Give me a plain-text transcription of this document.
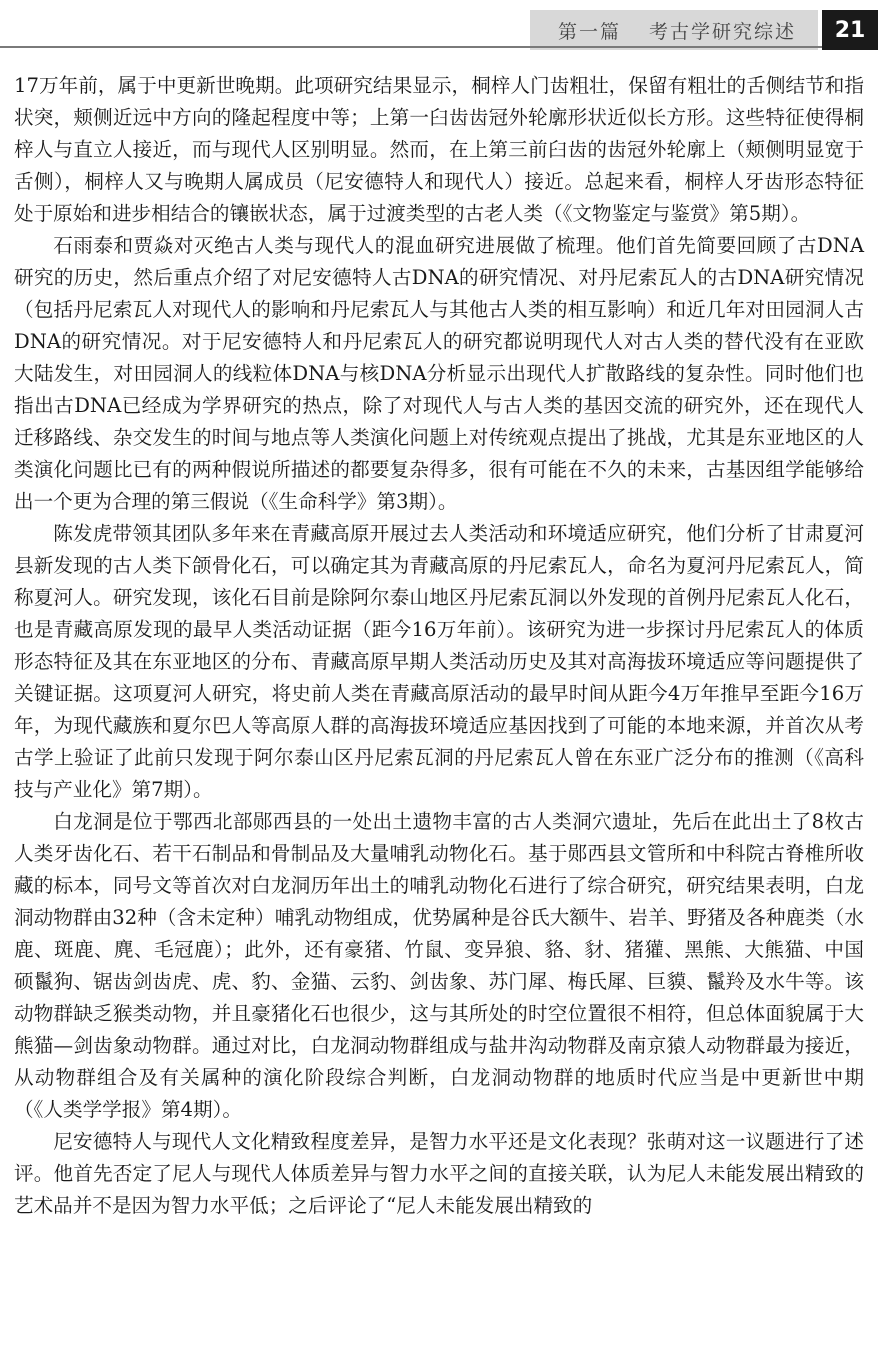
第一篇 考古学研究综述	21

17万年前，属于中更新世晚期。此项研究结果显示，桐梓人门齿粗壮，保留有粗壮的舌侧结节和指状突，颊侧近远中方向的隆起程度中等；上第一臼齿齿冠外轮廓形状近似长方形。这些特征使得桐梓人与直立人接近，而与现代人区别明显。然而，在上第三前臼齿的齿冠外轮廓上（颊侧明显宽于舌侧），桐梓人又与晚期人属成员（尼安德特人和现代人）接近。总起来看，桐梓人牙齿形态特征处于原始和进步相结合的镶嵌状态，属于过渡类型的古老人类（《文物鉴定与鉴赏》第5期）。

石雨泰和贾焱对灭绝古人类与现代人的混血研究进展做了梳理。他们首先简要回顾了古DNA研究的历史，然后重点介绍了对尼安德特人古DNA的研究情况、对丹尼索瓦人的古DNA研究情况（包括丹尼索瓦人对现代人的影响和丹尼索瓦人与其他古人类的相互影响）和近几年对田园洞人古DNA的研究情况。对于尼安德特人和丹尼索瓦人的研究都说明现代人对古人类的替代没有在亚欧大陆发生，对田园洞人的线粒体DNA与核DNA分析显示出现代人扩散路线的复杂性。同时他们也指出古DNA已经成为学界研究的热点，除了对现代人与古人类的基因交流的研究外，还在现代人迁移路线、杂交发生的时间与地点等人类演化问题上对传统观点提出了挑战，尤其是东亚地区的人类演化问题比已有的两种假说所描述的都要复杂得多，很有可能在不久的未来，古基因组学能够给出一个更为合理的第三假说（《生命科学》第3期）。

陈发虎带领其团队多年来在青藏高原开展过去人类活动和环境适应研究，他们分析了甘肃夏河县新发现的古人类下颌骨化石，可以确定其为青藏高原的丹尼索瓦人，命名为夏河丹尼索瓦人，简称夏河人。研究发现，该化石目前是除阿尔泰山地区丹尼索瓦洞以外发现的首例丹尼索瓦人化石，也是青藏高原发现的最早人类活动证据（距今16万年前）。该研究为进一步探讨丹尼索瓦人的体质形态特征及其在东亚地区的分布、青藏高原早期人类活动历史及其对高海拔环境适应等问题提供了关键证据。这项夏河人研究，将史前人类在青藏高原活动的最早时间从距今4万年推早至距今16万年，为现代藏族和夏尔巴人等高原人群的高海拔环境适应基因找到了可能的本地来源，并首次从考古学上验证了此前只发现于阿尔泰山区丹尼索瓦洞的丹尼索瓦人曾在东亚广泛分布的推测（《高科技与产业化》第7期）。

白龙洞是位于鄂西北部郧西县的一处出土遗物丰富的古人类洞穴遗址，先后在此出土了8枚古人类牙齿化石、若干石制品和骨制品及大量哺乳动物化石。基于郧西县文管所和中科院古脊椎所收藏的标本，同号文等首次对白龙洞历年出土的哺乳动物化石进行了综合研究，研究结果表明，白龙洞动物群由32种（含未定种）哺乳动物组成，优势属种是谷氏大额牛、岩羊、野猪及各种鹿类（水鹿、斑鹿、麂、毛冠鹿）；此外，还有豪猪、竹鼠、变异狼、貉、豺、猪獾、黑熊、大熊猫、中国硕鬣狗、锯齿剑齿虎、虎、豹、金猫、云豹、剑齿象、苏门犀、梅氏犀、巨貘、鬣羚及水牛等。该动物群缺乏猴类动物，并且豪猪化石也很少，这与其所处的时空位置很不相符，但总体面貌属于大熊猫—剑齿象动物群。通过对比，白龙洞动物群组成与盐井沟动物群及南京猿人动物群最为接近，从动物群组合及有关属种的演化阶段综合判断，白龙洞动物群的地质时代应当是中更新世中期（《人类学学报》第4期）。

尼安德特人与现代人文化精致程度差异，是智力水平还是文化表现？张萌对这一议题进行了述评。他首先否定了尼人与现代人体质差异与智力水平之间的直接关联，认为尼人未能发展出精致的艺术品并不是因为智力水平低；之后评论了“尼人未能发展出精致的
